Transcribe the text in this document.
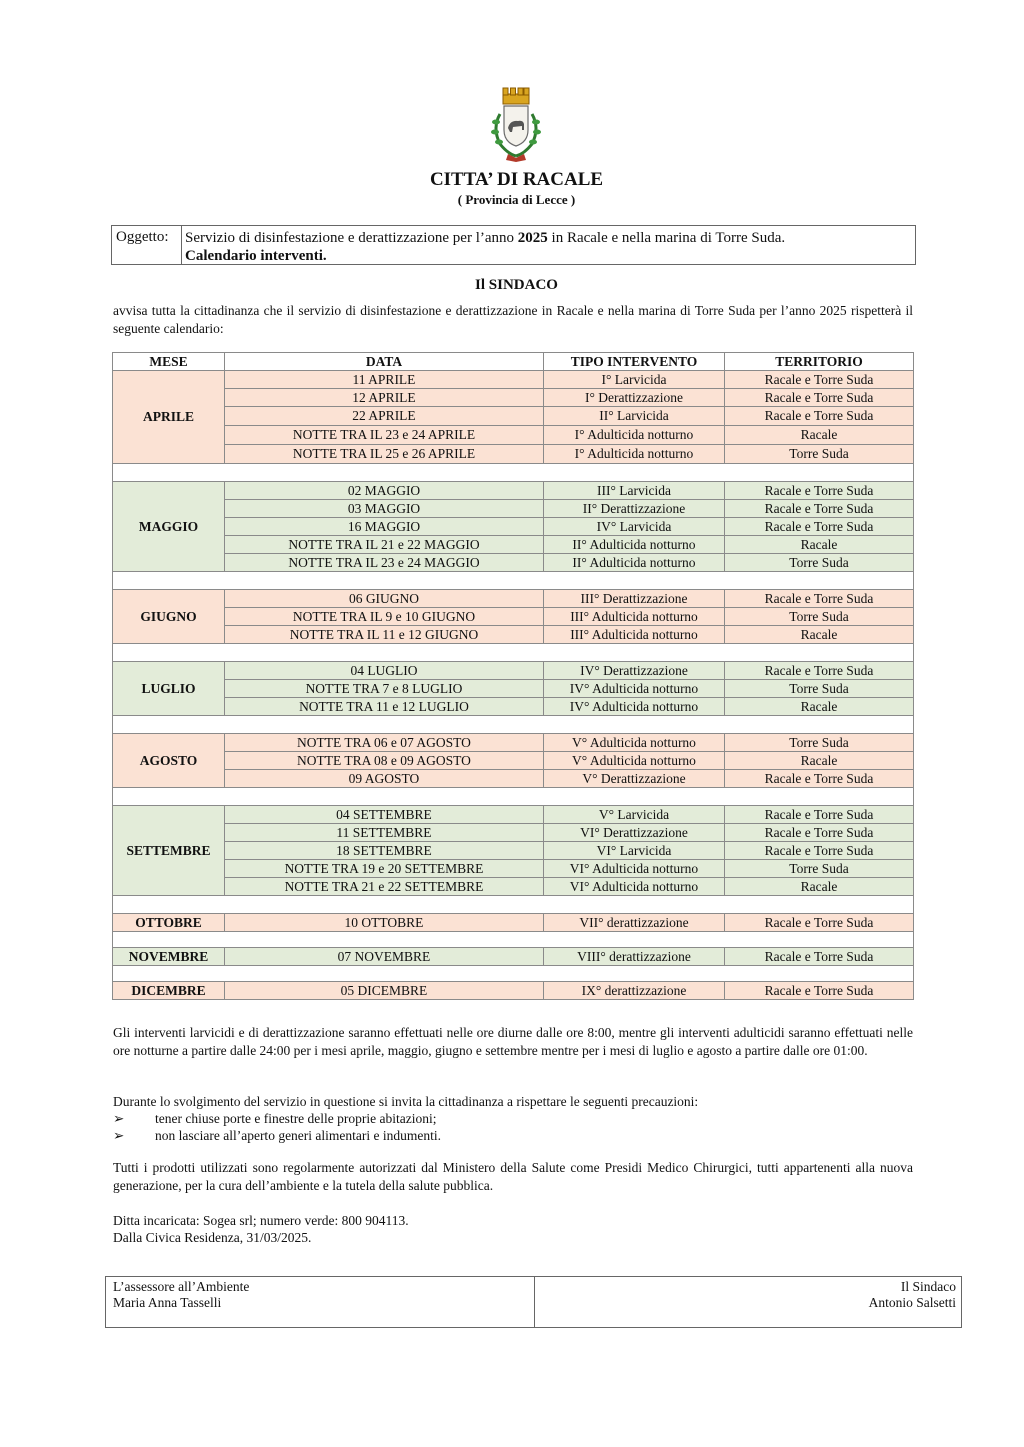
CITTA’ DI RACALE
( Provincia di Lecce )
Oggetto:	Servizio di disinfestazione e derattizzazione per l’anno 2025 in Racale e nella marina di Torre Suda.
Calendario interventi.
Il SINDACO
avvisa tutta la cittadinanza che il servizio di disinfestazione e derattizzazione in Racale e nella marina di Torre Suda per l’anno 2025 rispetterà il seguente calendario:
MESE	DATA	TIPO INTERVENTO	TERRITORIO
APRILE	11 APRILE	I° Larvicida	Racale e Torre Suda
	12 APRILE	I° Derattizzazione	Racale e Torre Suda
	22 APRILE	II° Larvicida	Racale e Torre Suda
	NOTTE TRA IL 23 e 24 APRILE	I° Adulticida notturno	Racale
	NOTTE TRA IL 25 e 26 APRILE	I° Adulticida notturno	Torre Suda

MAGGIO	02 MAGGIO	III° Larvicida	Racale e Torre Suda
	03 MAGGIO	II° Derattizzazione	Racale e Torre Suda
	16 MAGGIO	IV° Larvicida	Racale e Torre Suda
	NOTTE TRA IL 21 e 22 MAGGIO	II° Adulticida notturno	Racale
	NOTTE TRA IL 23 e 24 MAGGIO	II° Adulticida notturno	Torre Suda

GIUGNO	06 GIUGNO	III° Derattizzazione	Racale e Torre Suda
	NOTTE TRA IL 9 e 10 GIUGNO	III° Adulticida notturno	Torre Suda
	NOTTE TRA IL 11 e 12 GIUGNO	III° Adulticida notturno	Racale

LUGLIO	04 LUGLIO	IV° Derattizzazione	Racale e Torre Suda
	NOTTE TRA 7 e 8 LUGLIO	IV° Adulticida notturno	Torre Suda
	NOTTE TRA 11 e 12 LUGLIO	IV° Adulticida notturno	Racale

AGOSTO	NOTTE TRA 06 e 07 AGOSTO	V° Adulticida notturno	Torre Suda
	NOTTE TRA 08 e 09 AGOSTO	V° Adulticida notturno	Racale
	09 AGOSTO	V° Derattizzazione	Racale e Torre Suda

SETTEMBRE	04 SETTEMBRE	V° Larvicida	Racale e Torre Suda
	11 SETTEMBRE	VI° Derattizzazione	Racale e Torre Suda
	18 SETTEMBRE	VI° Larvicida	Racale e Torre Suda
	NOTTE TRA 19 e 20 SETTEMBRE	VI° Adulticida notturno	Torre Suda
	NOTTE TRA 21 e 22 SETTEMBRE	VI° Adulticida notturno	Racale

OTTOBRE	10 OTTOBRE	VII° derattizzazione	Racale e Torre Suda

NOVEMBRE	07 NOVEMBRE	VIII° derattizzazione	Racale e Torre Suda

DICEMBRE	05 DICEMBRE	IX° derattizzazione	Racale e Torre Suda
Gli interventi larvicidi e di derattizzazione saranno effettuati nelle ore diurne dalle ore 8:00, mentre gli interventi adulticidi saranno effettuati nelle ore notturne a partire dalle 24:00 per i mesi aprile, maggio, giugno e settembre mentre per i mesi di luglio e agosto a partire dalle ore 01:00.
Durante lo svolgimento del servizio in questione si invita la cittadinanza a rispettare le seguenti precauzioni:
➢ tener chiuse porte e finestre delle proprie abitazioni;
➢ non lasciare all’aperto generi alimentari e indumenti.
Tutti i prodotti utilizzati sono regolarmente autorizzati dal Ministero della Salute come Presidi Medico Chirurgici, tutti appartenenti alla nuova generazione, per la cura dell’ambiente e la tutela della salute pubblica.
Ditta incaricata: Sogea srl; numero verde: 800 904113.
Dalla Civica Residenza, 31/03/2025.
L’assessore all’Ambiente
Maria Anna Tasselli
Il Sindaco
Antonio Salsetti
